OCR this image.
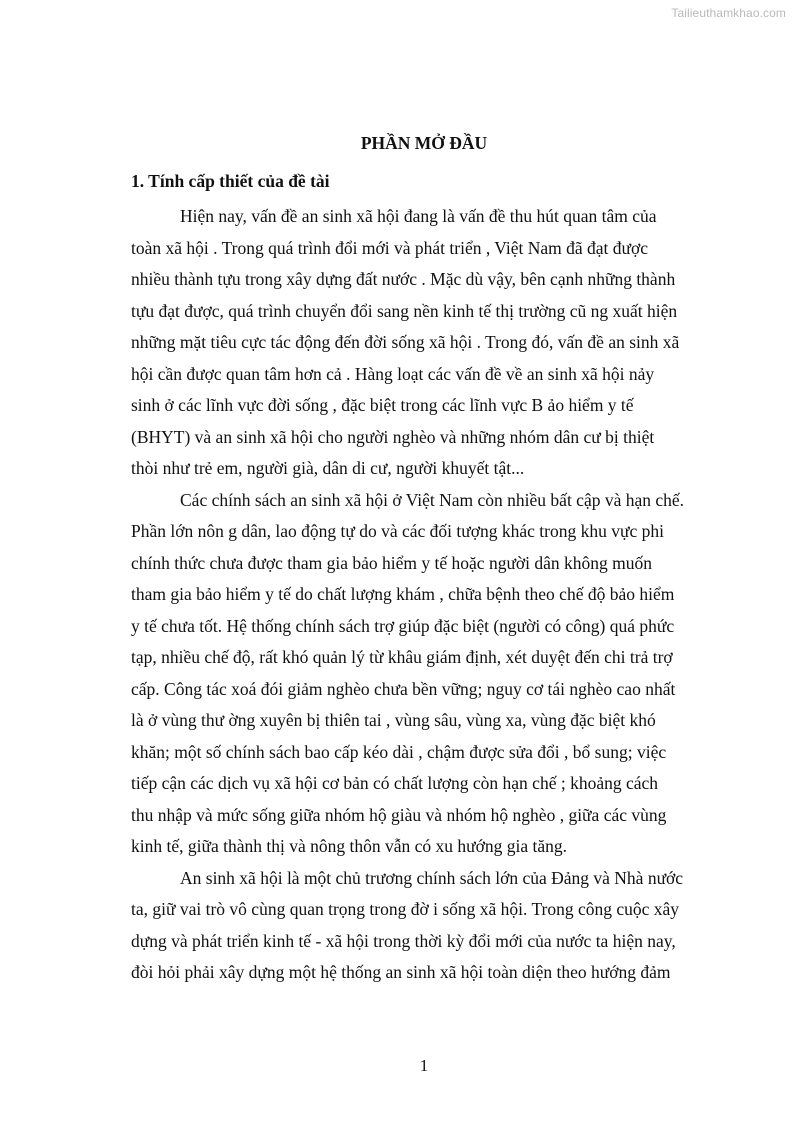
Tailieuthamkhao.com
PHẦN MỞ ĐẦU
1. Tính cấp thiết của đề tài
Hiện nay, vấn đề an sinh xã hội đang là vấn đề thu hút quan tâm của
toàn xã hội . Trong quá trình đổi mới và phát triển , Việt Nam đã đạt được
nhiều thành tựu trong xây dựng đất nước . Mặc dù vậy, bên cạnh những thành
tựu đạt được, quá trình chuyển đổi sang nền kinh tế thị trường cũ ng xuất hiện
những mặt tiêu cực tác động đến đời sống xã hội . Trong đó, vấn đề an sinh xã
hội cần được quan tâm hơn cả . Hàng loạt các vấn đề về an sinh xã hội nảy
sinh ở các lĩnh vực đời sống , đặc biệt trong các lĩnh vực B ảo hiểm y tế
(BHYT) và an sinh xã hội cho người nghèo và những nhóm dân cư bị thiệt
thòi như trẻ em, người già, dân di cư, người khuyết tật...
Các chính sách an sinh xã hội ở Việt Nam còn nhiều bất cập và hạn chế.
Phần lớn nôn g dân, lao động tự do và các đối tượng khác trong khu vực phi
chính thức chưa được tham gia bảo hiểm y tế hoặc người dân không muốn
tham gia bảo hiểm y tế do chất lượng khám , chữa bệnh theo chế độ bảo hiểm
y tế chưa tốt. Hệ thống chính sách trợ giúp đặc biệt (người có công) quá phức
tạp, nhiều chế độ, rất khó quản lý từ khâu giám định, xét duyệt đến chi trả trợ
cấp. Công tác xoá đói giảm nghèo chưa bền vững; nguy cơ tái nghèo cao nhất
là ở vùng thư ờng xuyên bị thiên tai , vùng sâu, vùng xa, vùng đặc biệt khó
khăn; một số chính sách bao cấp kéo dài , chậm được sửa đổi , bổ sung; việc
tiếp cận các dịch vụ xã hội cơ bản có chất lượng còn hạn chế ; khoảng cách
thu nhập và mức sống giữa nhóm hộ giàu và nhóm hộ nghèo , giữa các vùng
kinh tế, giữa thành thị và nông thôn vẫn có xu hướng gia tăng.
An sinh xã hội là một chủ trương chính sách lớn của Đảng và Nhà nước
ta, giữ vai trò vô cùng quan trọng trong đờ i sống xã hội. Trong công cuộc xây
dựng và phát triển kinh tế - xã hội trong thời kỳ đổi mới của nước ta hiện nay,
đòi hỏi phải xây dựng một hệ thống an sinh xã hội toàn diện theo hướng đảm
1
